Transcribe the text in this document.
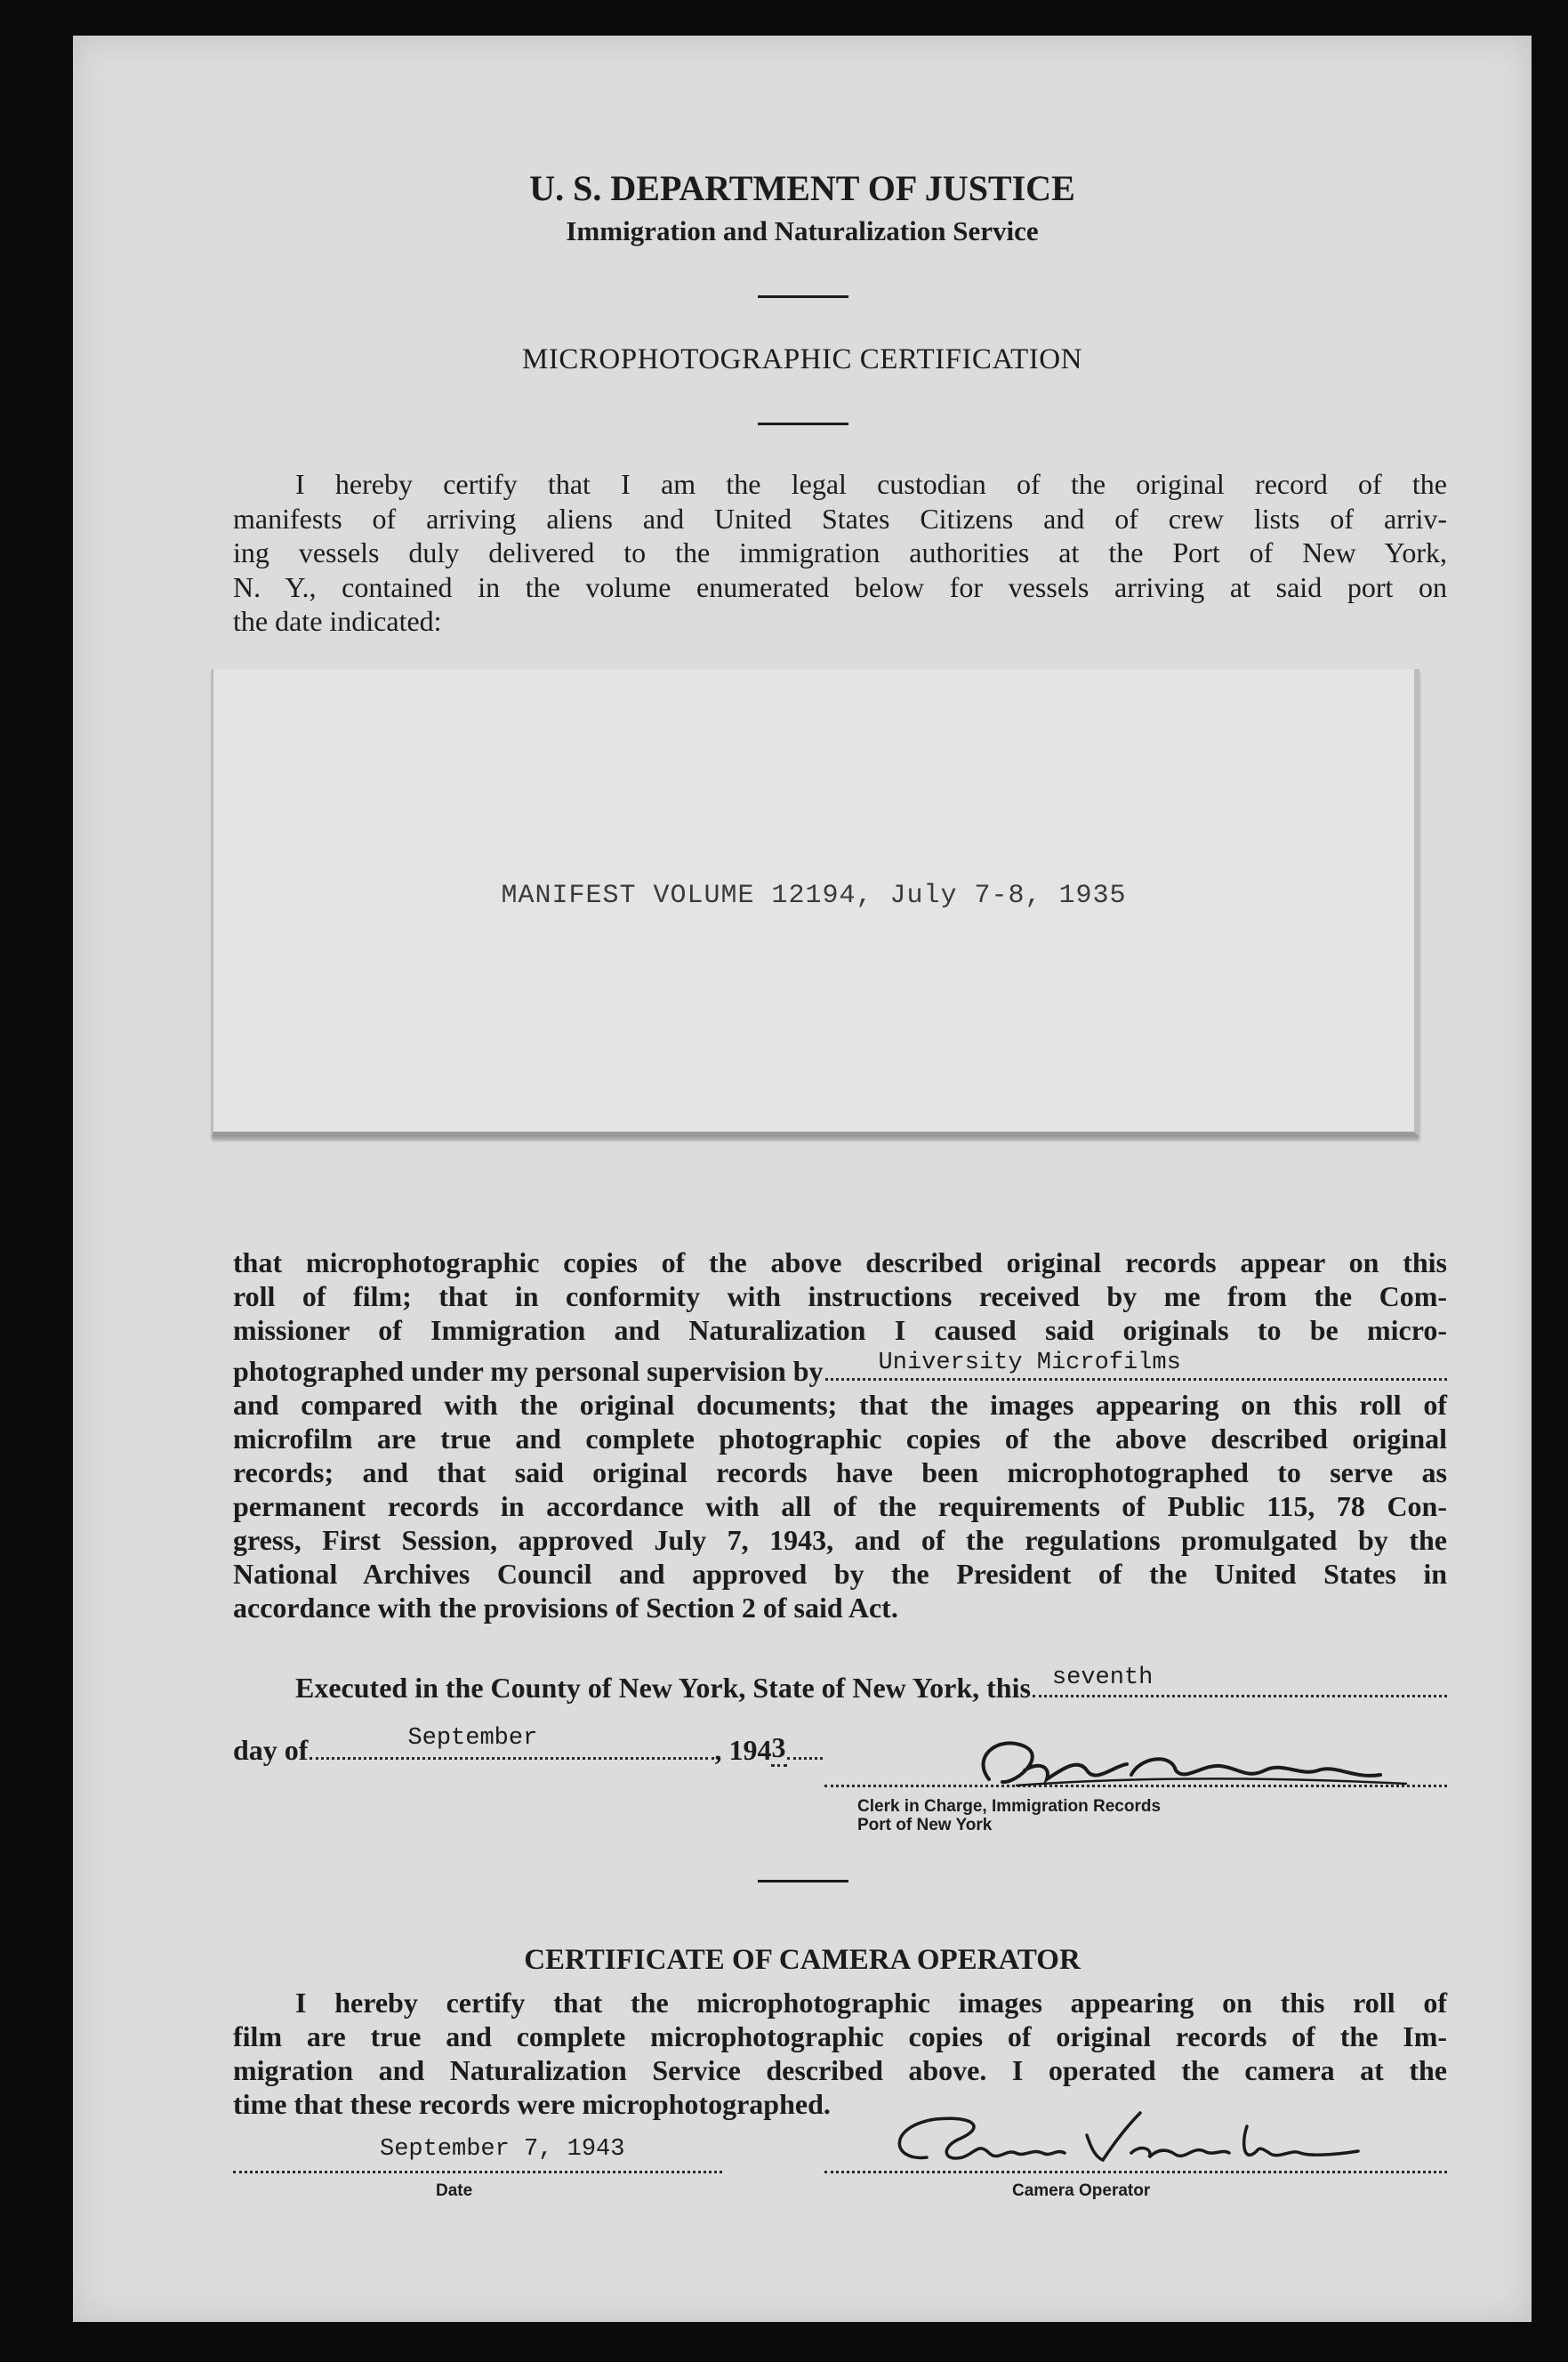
U. S. DEPARTMENT OF JUSTICE
Immigration and Naturalization Service
MICROPHOTOGRAPHIC CERTIFICATION
I hereby certify that I am the legal custodian of the original record of the
manifests of arriving aliens and United States Citizens and of crew lists of arriv-
ing vessels duly delivered to the immigration authorities at the Port of New York,
N. Y., contained in the volume enumerated below for vessels arriving at said port on
the date indicated:
MANIFEST VOLUME 12194, July 7-8, 1935
that microphotographic copies of the above described original records appear on this
roll of film; that in conformity with instructions received by me from the Com-
missioner of Immigration and Naturalization I caused said originals to be micro-
photographed under my personal supervision by University Microfilms
and compared with the original documents; that the images appearing on this roll of
microfilm are true and complete photographic copies of the above described original
records; and that said original records have been microphotographed to serve as
permanent records in accordance with all of the requirements of Public 115, 78 Con-
gress, First Session, approved July 7, 1943, and of the regulations promulgated by the
National Archives Council and approved by the President of the United States in
accordance with the provisions of Section 2 of said Act.
Executed in the County of New York, State of New York, this seventh
day of	September	, 194 3
Clerk in Charge, Immigration Records
Port of New York
CERTIFICATE OF CAMERA OPERATOR
I hereby certify that the microphotographic images appearing on this roll of
film are true and complete microphotographic copies of original records of the Im-
migration and Naturalization Service described above. I operated the camera at the
time that these records were microphotographed.
September 7, 1943
Date	Camera Operator
